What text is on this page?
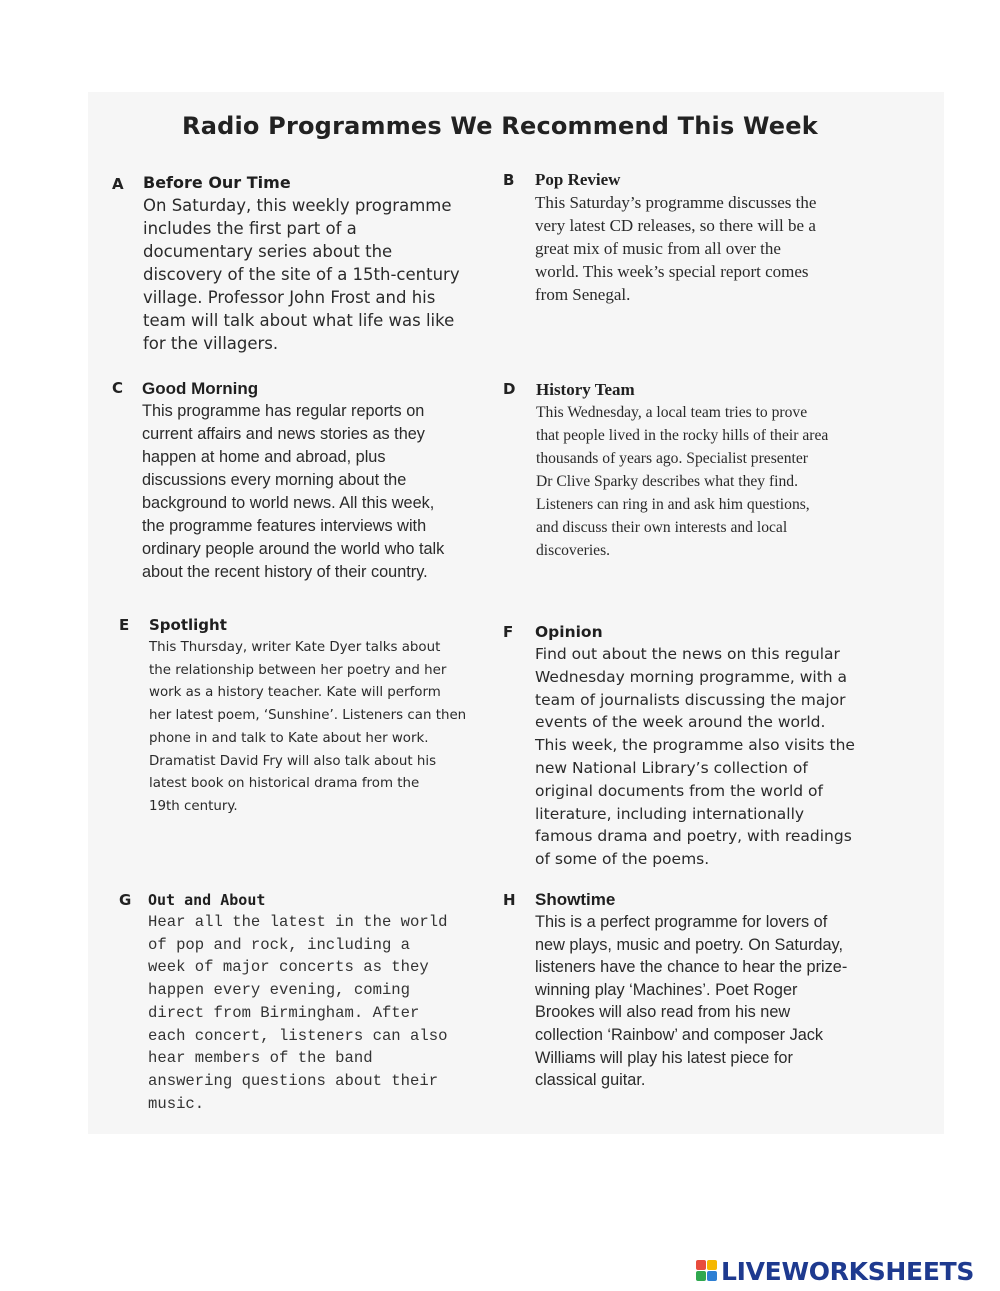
Radio Programmes We Recommend This Week
A Before Our Time

On Saturday, this weekly programme
includes the first part of a
documentary series about the
discovery of the site of a 15th-century
village. Professor John Frost and his
team will talk about what life was like
for the villagers.

B Pop Review

This Saturday’s programme discusses the
very latest CD releases, so there will be a
great mix of music from all over the
world. This week’s special report comes
from Senegal.

C Good Morning

This programme has regular reports on
current affairs and news stories as they
happen at home and abroad, plus
discussions every morning about the
background to world news. All this week,
the programme features interviews with
ordinary people around the world who talk
about the recent history of their country.

D History Team

This Wednesday, a local team tries to prove
that people lived in the rocky hills of their area
thousands of years ago. Specialist presenter
Dr Clive Sparky describes what they find.
Listeners can ring in and ask him questions,
and discuss their own interests and local
discoveries.

E Spotlight

This Thursday, writer Kate Dyer talks about
the relationship between her poetry and her
work as a history teacher. Kate will perform
her latest poem, ‘Sunshine’. Listeners can then
phone in and talk to Kate about her work.
Dramatist David Fry will also talk about his
latest book on historical drama from the
19th century.

F Opinion

Find out about the news on this regular
Wednesday morning programme, with a
team of journalists discussing the major
events of the week around the world.
This week, the programme also visits the
new National Library’s collection of
original documents from the world of
literature, including internationally
famous drama and poetry, with readings
of some of the poems.

G Out and About

Hear all the latest in the world
of pop and rock, including a
week of major concerts as they
happen every evening, coming
direct from Birmingham. After
each concert, listeners can also
hear members of the band
answering questions about their
music.

H Showtime

This is a perfect programme for lovers of
new plays, music and poetry. On Saturday,
listeners have the chance to hear the prize-
winning play ‘Machines’. Poet Roger
Brookes will also read from his new
collection ‘Rainbow’ and composer Jack
Williams will play his latest piece for
classical guitar.

LIVEWORKSHEETS
